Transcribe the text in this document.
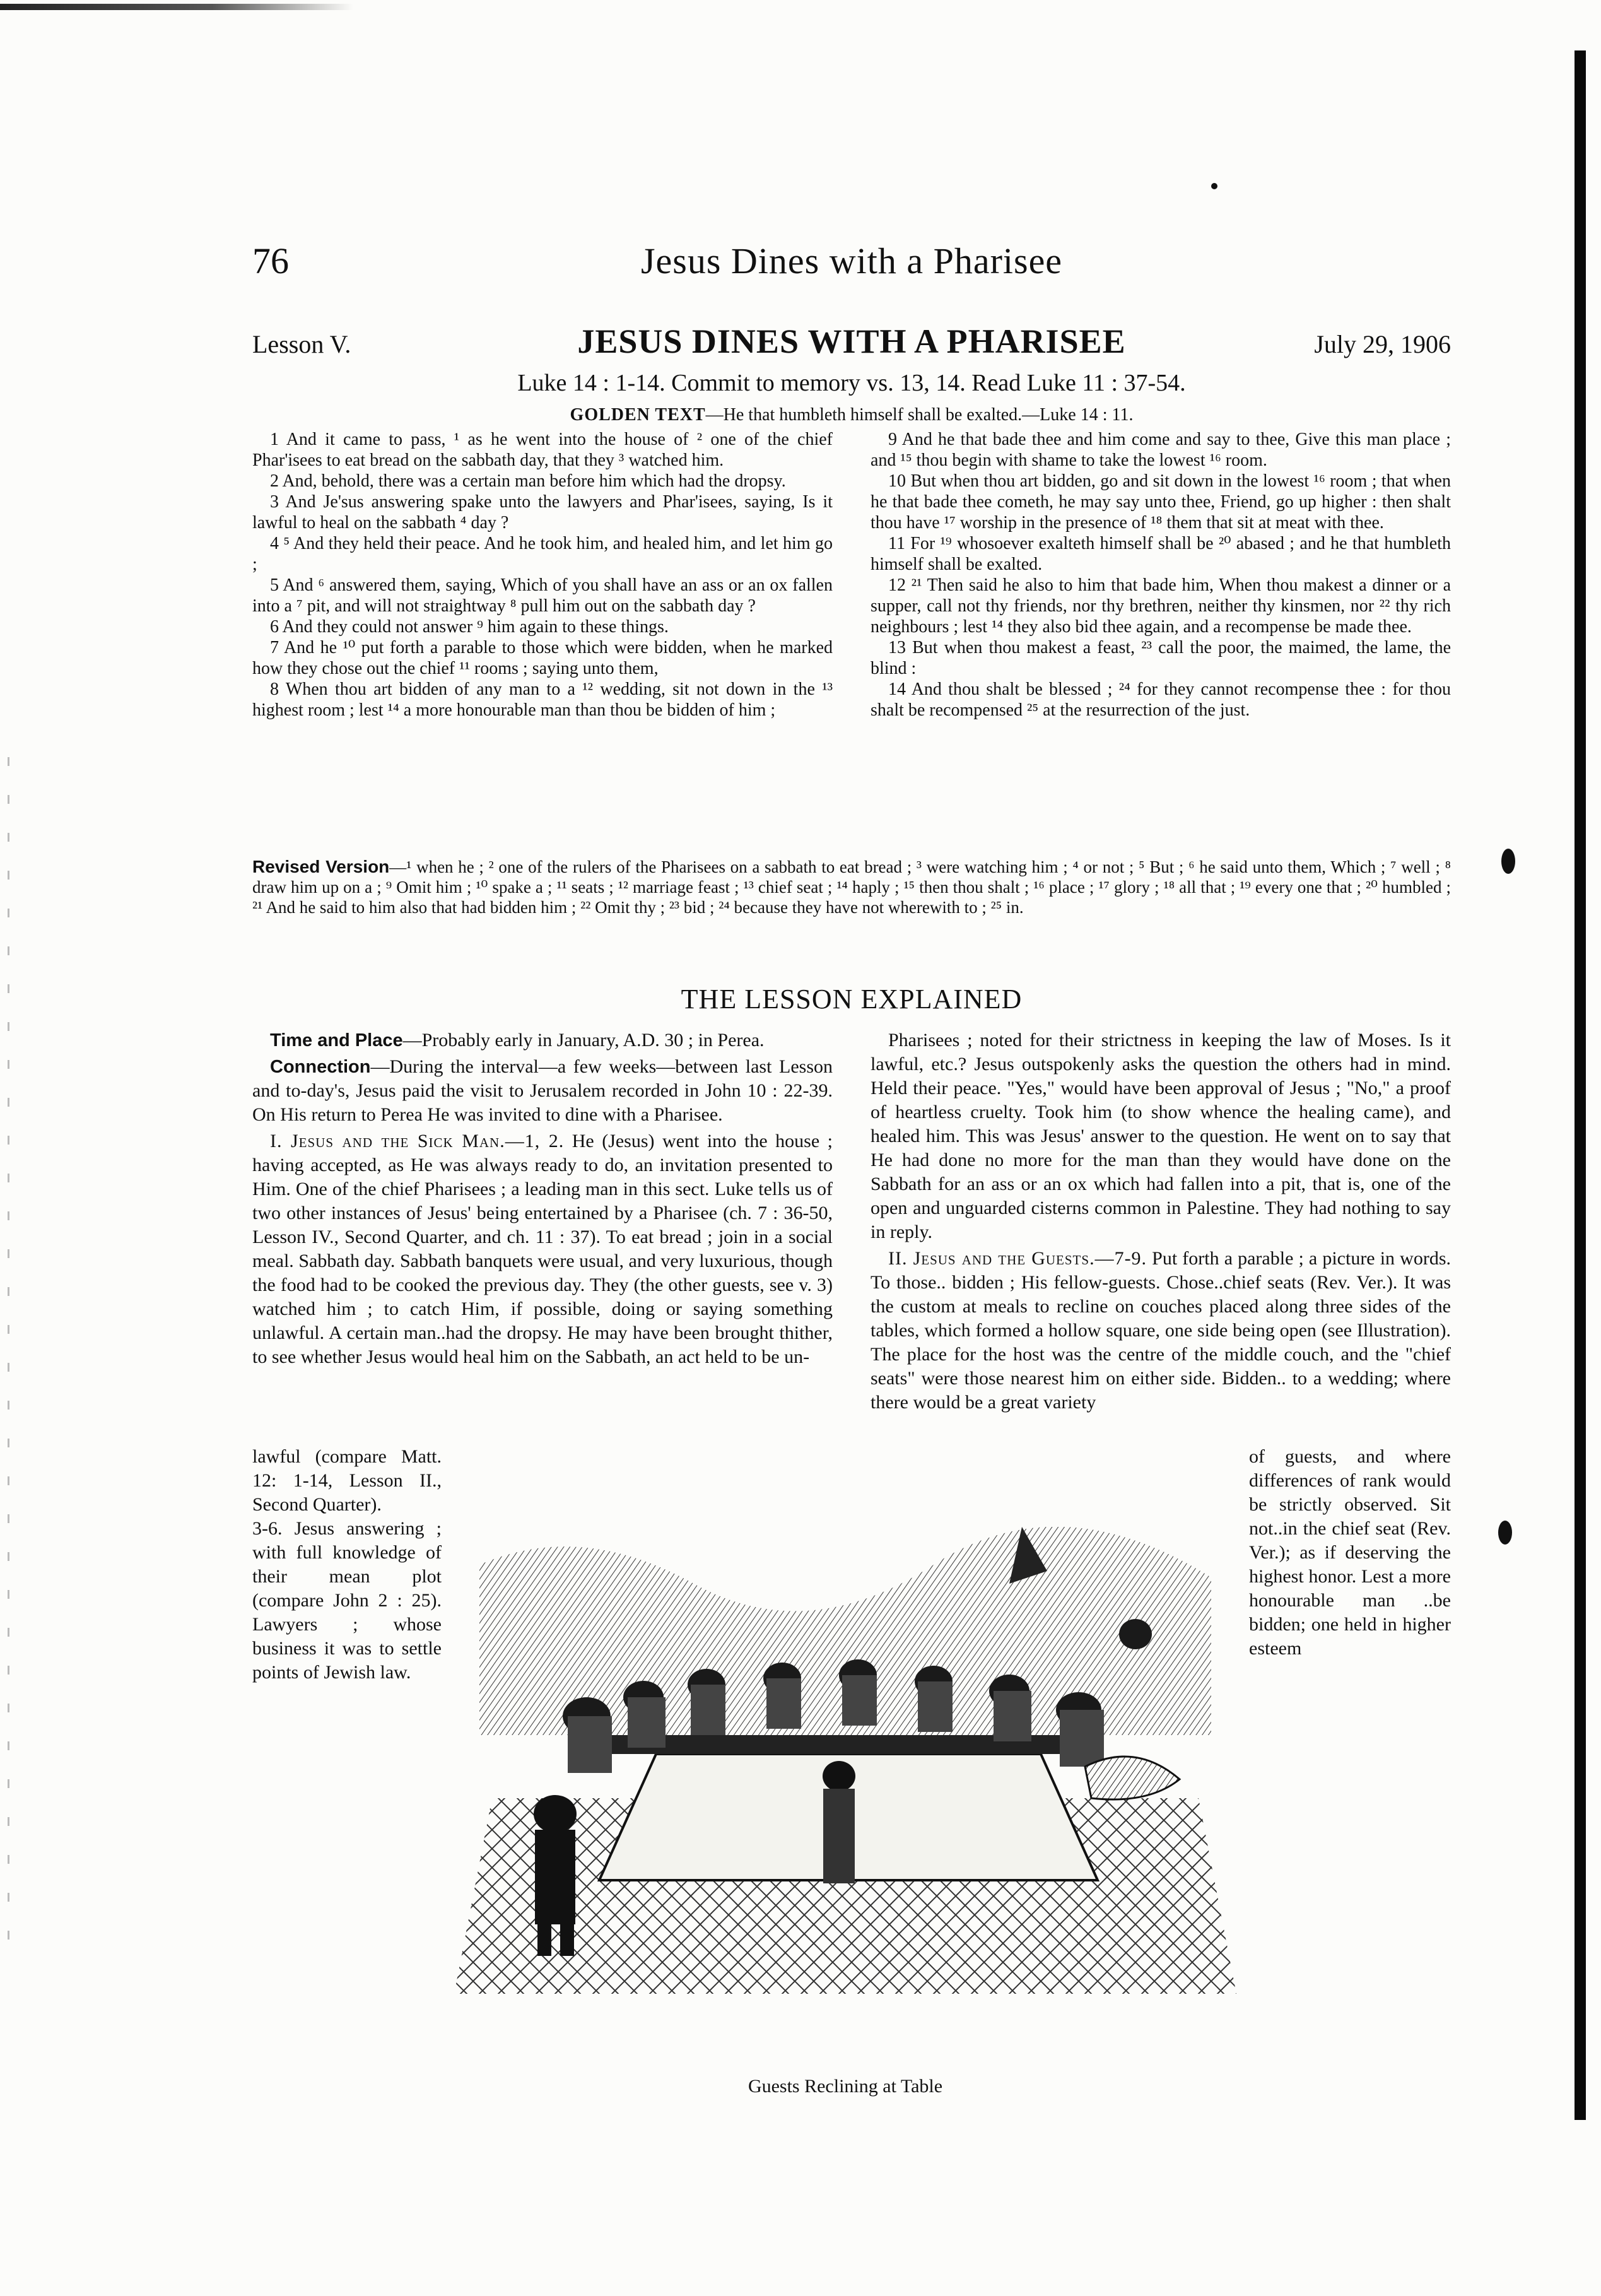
76	Jesus Dines with a Pharisee
Lesson V.	JESUS DINES WITH A PHARISEE	July 29, 1906
Luke 14 : 1-14. Commit to memory vs. 13, 14. Read Luke 11 : 37-54.
GOLDEN TEXT—He that humbleth himself shall be exalted.—Luke 14 : 11.

1 And it came to pass, ¹ as he went into the house of ² one of the chief Phar'isees to eat bread on the sabbath day, that they ³ watched him.

2 And, behold, there was a certain man before him which had the dropsy.

3 And Je'sus answering spake unto the lawyers and Phar'isees, saying, Is it lawful to heal on the sabbath ⁴ day ?

4 ⁵ And they held their peace. And he took him, and healed him, and let him go ;

5 And ⁶ answered them, saying, Which of you shall have an ass or an ox fallen into a ⁷ pit, and will not straightway ⁸ pull him out on the sabbath day ?

6 And they could not answer ⁹ him again to these things.

7 And he ¹⁰ put forth a parable to those which were bidden, when he marked how they chose out the chief ¹¹ rooms ; saying unto them,

8 When thou art bidden of any man to a ¹² wedding, sit not down in the ¹³ highest room ; lest ¹⁴ a more honourable man than thou be bidden of him ;

9 And he that bade thee and him come and say to thee, Give this man place ; and ¹⁵ thou begin with shame to take the lowest ¹⁶ room.

10 But when thou art bidden, go and sit down in the lowest ¹⁶ room ; that when he that bade thee cometh, he may say unto thee, Friend, go up higher : then shalt thou have ¹⁷ worship in the presence of ¹⁸ them that sit at meat with thee.

11 For ¹⁹ whosoever exalteth himself shall be ²⁰ abased ; and he that humbleth himself shall be exalted.

12 ²¹ Then said he also to him that bade him, When thou makest a dinner or a supper, call not thy friends, nor thy brethren, neither thy kinsmen, nor ²² thy rich neighbours ; lest ¹⁴ they also bid thee again, and a recompense be made thee.

13 But when thou makest a feast, ²³ call the poor, the maimed, the lame, the blind :

14 And thou shalt be blessed ; ²⁴ for they cannot recompense thee : for thou shalt be recompensed ²⁵ at the resurrection of the just.

Revised Version—¹ when he ; ² one of the rulers of the Pharisees on a sabbath to eat bread ; ³ were watching him ; ⁴ or not ; ⁵ But ; ⁶ he said unto them, Which ; ⁷ well ; ⁸ draw him up on a ; ⁹ Omit him ; ¹⁰ spake a ; ¹¹ seats ; ¹² marriage feast ; ¹³ chief seat ; ¹⁴ haply ; ¹⁵ then thou shalt ; ¹⁶ place ; ¹⁷ glory ; ¹⁸ all that ; ¹⁹ every one that ; ²⁰ humbled ; ²¹ And he said to him also that had bidden him ; ²² Omit thy ; ²³ bid ; ²⁴ because they have not wherewith to ; ²⁵ in.
THE LESSON EXPLAINED

Time and Place—Probably early in January, A.D. 30 ; in Perea.

Connection—During the interval—a few weeks—between last Lesson and to-day's, Jesus paid the visit to Jerusalem recorded in John 10 : 22-39. On His return to Perea He was invited to dine with a Pharisee.

I. Jesus and the Sick Man.—1, 2. He (Jesus) went into the house ; having accepted, as He was always ready to do, an invitation presented to Him. One of the chief Pharisees ; a leading man in this sect. Luke tells us of two other instances of Jesus' being entertained by a Pharisee (ch. 7 : 36-50, Lesson IV., Second Quarter, and ch. 11 : 37). To eat bread ; join in a social meal. Sabbath day. Sabbath banquets were usual, and very luxurious, though the food had to be cooked the previous day. They (the other guests, see v. 3) watched him ; to catch Him, if possible, doing or saying something unlawful. A certain man..had the dropsy. He may have been brought thither, to see whether Jesus would heal him on the Sabbath, an act held to be un-

Pharisees ; noted for their strictness in keeping the law of Moses. Is it lawful, etc.? Jesus outspokenly asks the question the others had in mind. Held their peace. "Yes," would have been approval of Jesus ; "No," a proof of heartless cruelty. Took him (to show whence the healing came), and healed him. This was Jesus' answer to the question. He went on to say that He had done no more for the man than they would have done on the Sabbath for an ass or an ox which had fallen into a pit, that is, one of the open and unguarded cisterns common in Palestine. They had nothing to say in reply.

II. Jesus and the Guests.—7-9. Put forth a parable ; a picture in words. To those.. bidden ; His fellow-guests. Chose..chief seats (Rev. Ver.). It was the custom at meals to recline on couches placed along three sides of the tables, which formed a hollow square, one side being open (see Illustration). The place for the host was the centre of the middle couch, and the "chief seats" were those nearest him on either side. Bidden.. to a wedding; where there would be a great variety

lawful (compare Matt. 12: 1-14, Lesson II., Second Quarter).

3-6. Jesus answering ; with full knowledge of their mean plot (compare John 2 : 25). Lawyers ; whose business it was to settle points of Jewish law.

of guests, and where differences of rank would be strictly observed. Sit not..in the chief seat (Rev. Ver.); as if deserving the highest honor. Lest a more honourable man ..be bidden; one held in higher esteem

Guests Reclining at Table
